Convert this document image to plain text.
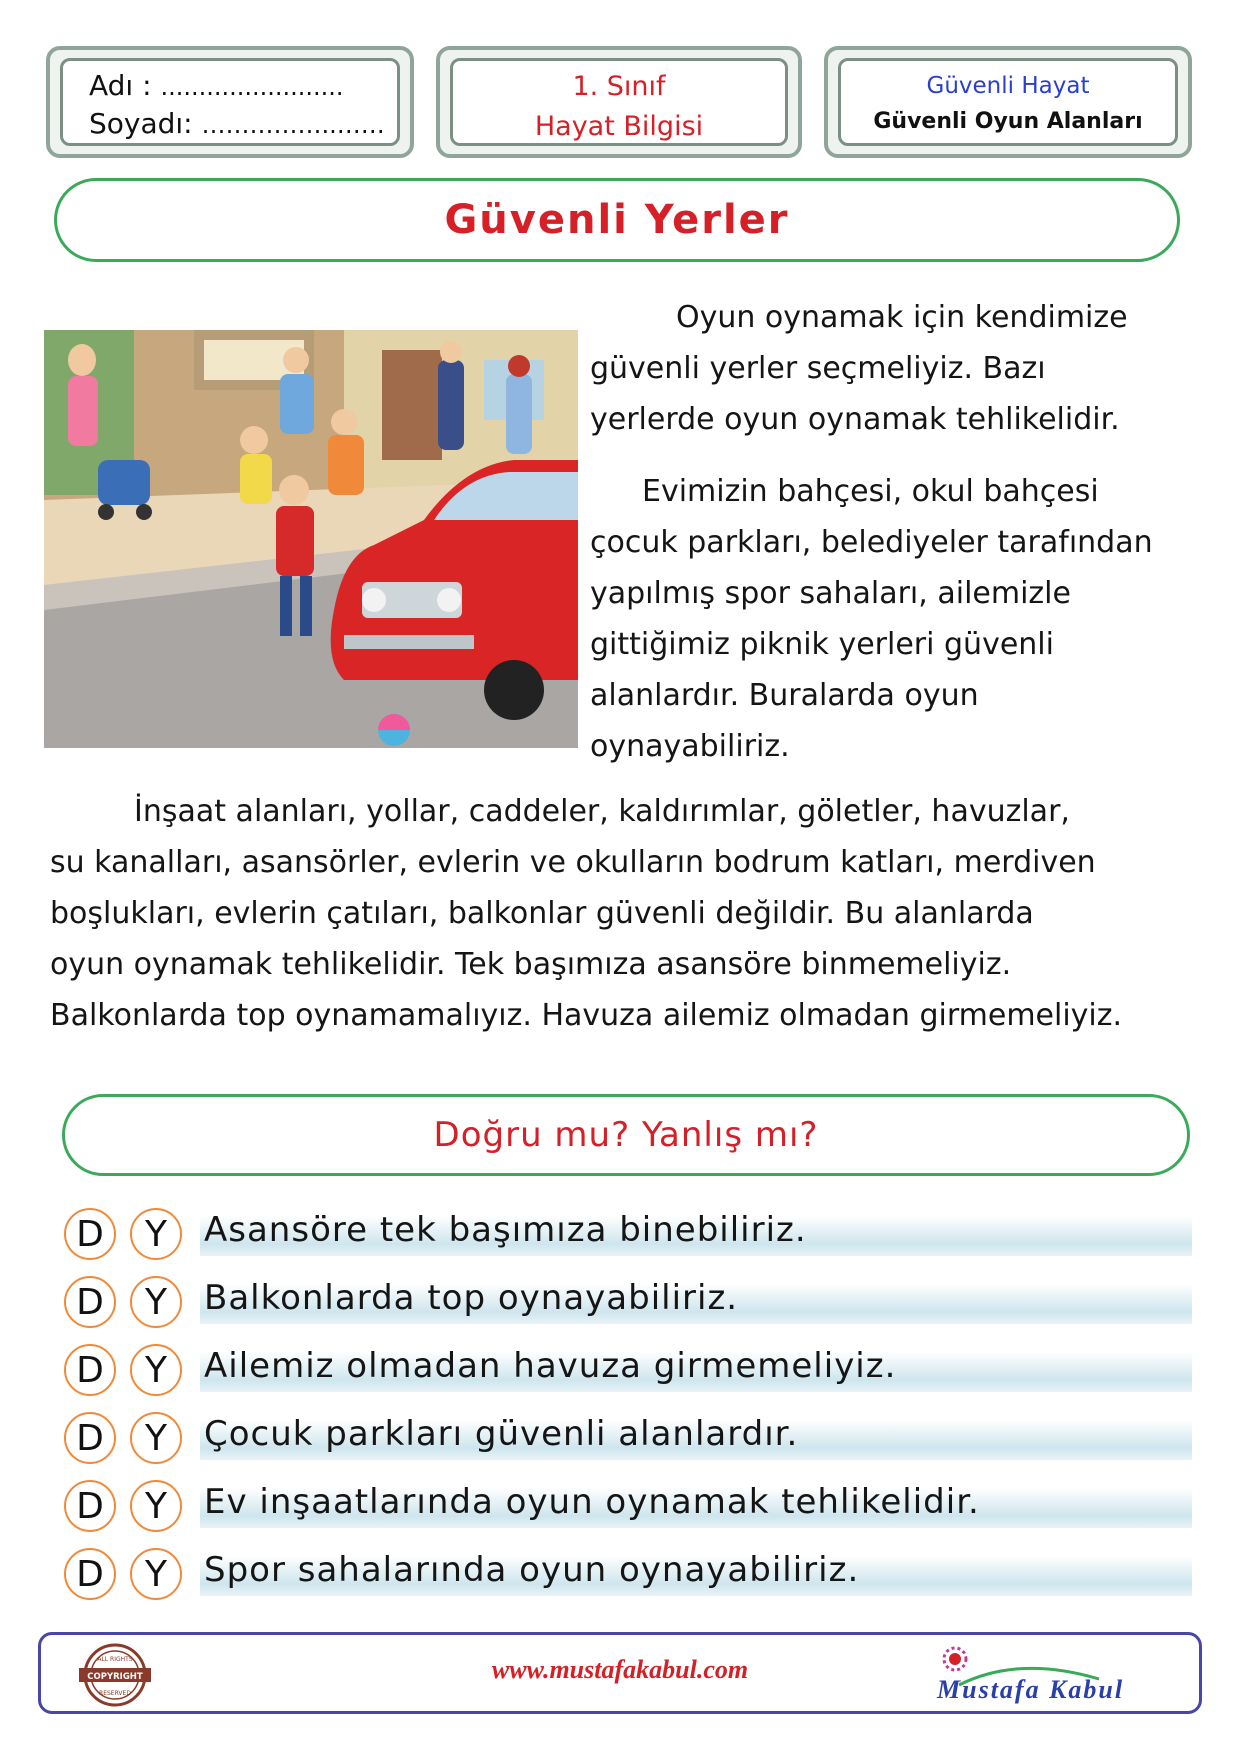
Adı : ........................
Soyadı: ……………..……
1. Sınıf
Hayat Bilgisi
Güvenli Hayat
Güvenli Oyun Alanları
Güvenli Yerler
Oyun oynamak için kendimize
güvenli yerler seçmeliyiz. Bazı
yerlerde oyun oynamak tehlikelidir.
Evimizin bahçesi, okul bahçesi
çocuk parkları, belediyeler tarafından
yapılmış spor sahaları, ailemizle
gittiğimiz piknik yerleri güvenli
alanlardır. Buralarda oyun
oynayabiliriz.
İnşaat alanları, yollar, caddeler, kaldırımlar, göletler, havuzlar,
su kanalları, asansörler, evlerin ve okulların bodrum katları, merdiven
boşlukları, evlerin çatıları, balkonlar güvenli değildir. Bu alanlarda
oyun oynamak tehlikelidir. Tek başımıza asansöre binmemeliyiz.
Balkonlarda top oynamamalıyız. Havuza ailemiz olmadan girmemeliyiz.
Doğru mu? Yanlış mı?
D	Y	Asansöre tek başımıza binebiliriz.
D	Y	Balkonlarda top oynayabiliriz.
D	Y	Ailemiz olmadan havuza girmemeliyiz.
D	Y	Çocuk parkları güvenli alanlardır.
D	Y	Ev inşaatlarında oyun oynamak tehlikelidir.
D	Y	Spor sahalarında oyun oynayabiliriz.
COPYRIGHT
ALL RIGHTS
RESERVED
www.mustafakabul.com
Mustafa Kabul
